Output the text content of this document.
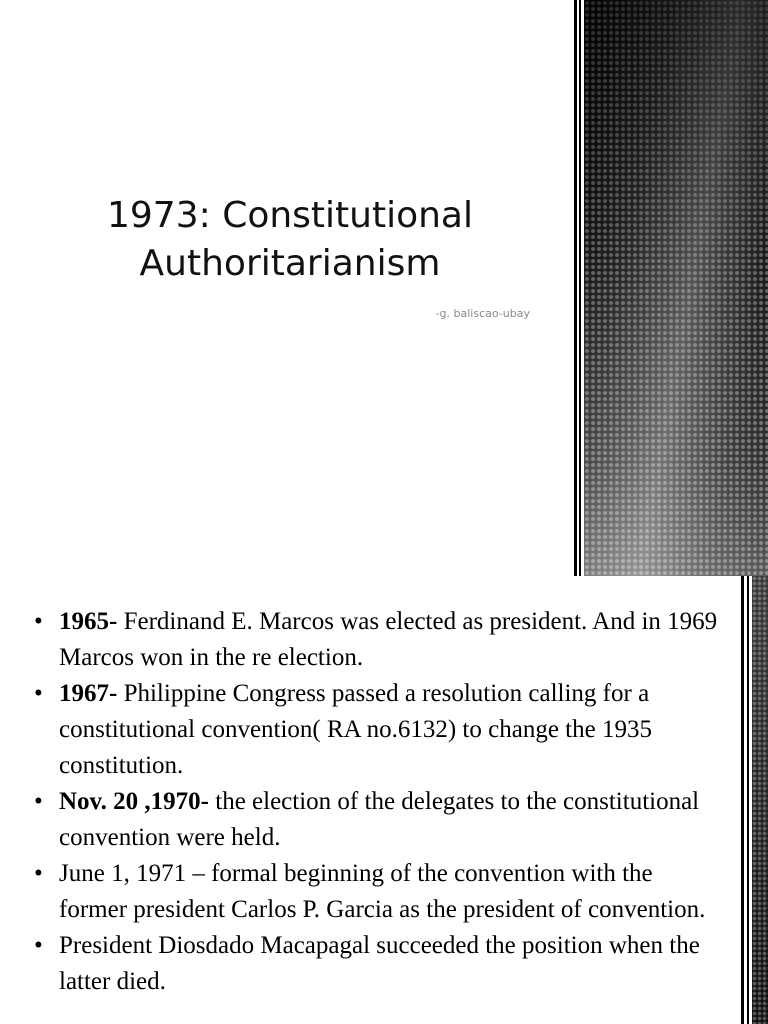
1973: Constitutional
Authoritarianism
-g. baliscao-ubay
• 1965- Ferdinand E. Marcos was elected as president. And in 1969 Marcos won in the re election.
• 1967- Philippine Congress passed a resolution calling for a constitutional convention( RA no.6132) to change the 1935 constitution.
• Nov. 20 ,1970- the election of the delegates to the constitutional convention were held.
• June 1, 1971 – formal beginning of the convention with the former president Carlos P. Garcia as the president of convention.
• President Diosdado Macapagal succeeded the position when the latter died.
